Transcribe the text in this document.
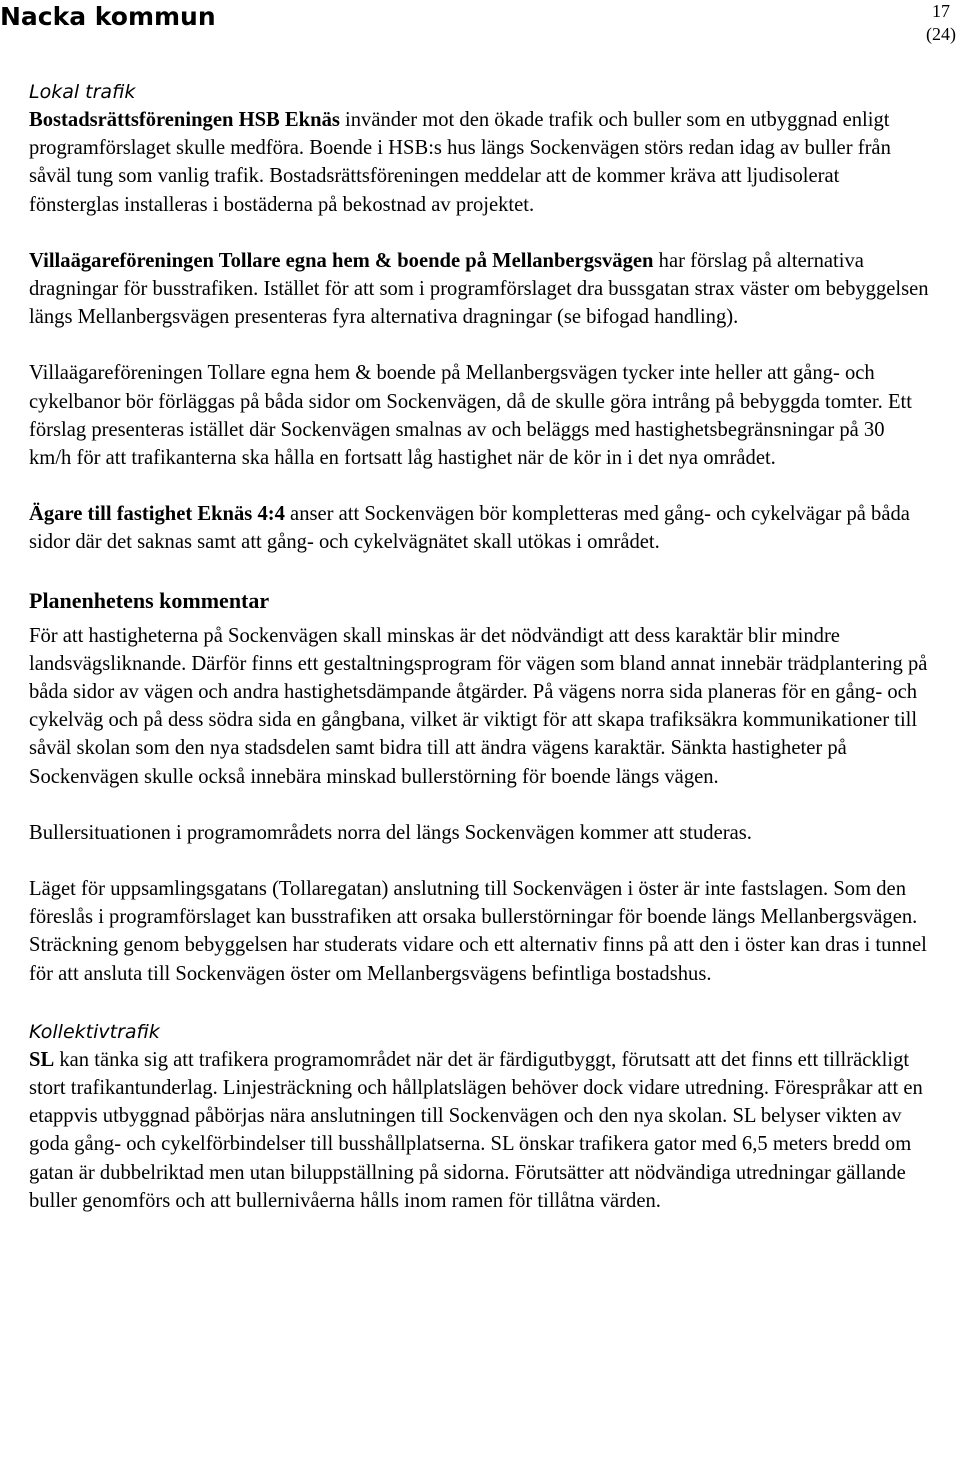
Nacka kommun	17
(24)

Lokal trafik

Bostadsrättsföreningen HSB Eknäs invänder mot den ökade trafik och buller som en utbyggnad enligt programförslaget skulle medföra. Boende i HSB:s hus längs Sockenvägen störs redan idag av buller från såväl tung som vanlig trafik. Bostadsrättsföreningen meddelar att de kommer kräva att ljudisolerat fönsterglas installeras i bostäderna på bekostnad av projektet.

Villaägareföreningen Tollare egna hem & boende på Mellanbergsvägen har förslag på alternativa dragningar för busstrafiken. Istället för att som i programförslaget dra bussgatan strax väster om bebyggelsen längs Mellanbergsvägen presenteras fyra alternativa dragningar (se bifogad handling).

Villaägareföreningen Tollare egna hem & boende på Mellanbergsvägen tycker inte heller att gång- och cykelbanor bör förläggas på båda sidor om Sockenvägen, då de skulle göra intrång på bebyggda tomter. Ett förslag presenteras istället där Sockenvägen smalnas av och beläggs med hastighetsbegränsningar på 30 km/h för att trafikanterna ska hålla en fortsatt låg hastighet när de kör in i det nya området.

Ägare till fastighet Eknäs 4:4 anser att Sockenvägen bör kompletteras med gång- och cykelvägar på båda sidor där det saknas samt att gång- och cykelvägnätet skall utökas i området.

Planenhetens kommentar

För att hastigheterna på Sockenvägen skall minskas är det nödvändigt att dess karaktär blir mindre landsvägsliknande. Därför finns ett gestaltningsprogram för vägen som bland annat innebär trädplantering på båda sidor av vägen och andra hastighetsdämpande åtgärder. På vägens norra sida planeras för en gång- och cykelväg och på dess södra sida en gångbana, vilket är viktigt för att skapa trafiksäkra kommunikationer till såväl skolan som den nya stadsdelen samt bidra till att ändra vägens karaktär. Sänkta hastigheter på Sockenvägen skulle också innebära minskad bullerstörning för boende längs vägen.

Bullersituationen i programområdets norra del längs Sockenvägen kommer att studeras.

Läget för uppsamlingsgatans (Tollaregatan) anslutning till Sockenvägen i öster är inte fastslagen. Som den föreslås i programförslaget kan busstrafiken att orsaka bullerstörningar för boende längs Mellanbergsvägen. Sträckning genom bebyggelsen har studerats vidare och ett alternativ finns på att den i öster kan dras i tunnel för att ansluta till Sockenvägen öster om Mellanbergsvägens befintliga bostadshus.

Kollektivtrafik

SL kan tänka sig att trafikera programområdet när det är färdigutbyggt, förutsatt att det finns ett tillräckligt stort trafikantunderlag. Linjesträckning och hållplatslägen behöver dock vidare utredning. Förespråkar att en etappvis utbyggnad påbörjas nära anslutningen till Sockenvägen och den nya skolan. SL belyser vikten av goda gång- och cykelförbindelser till busshållplatserna. SL önskar trafikera gator med 6,5 meters bredd om gatan är dubbelriktad men utan biluppställning på sidorna. Förutsätter att nödvändiga utredningar gällande buller genomförs och att bullernivåerna hålls inom ramen för tillåtna värden.
